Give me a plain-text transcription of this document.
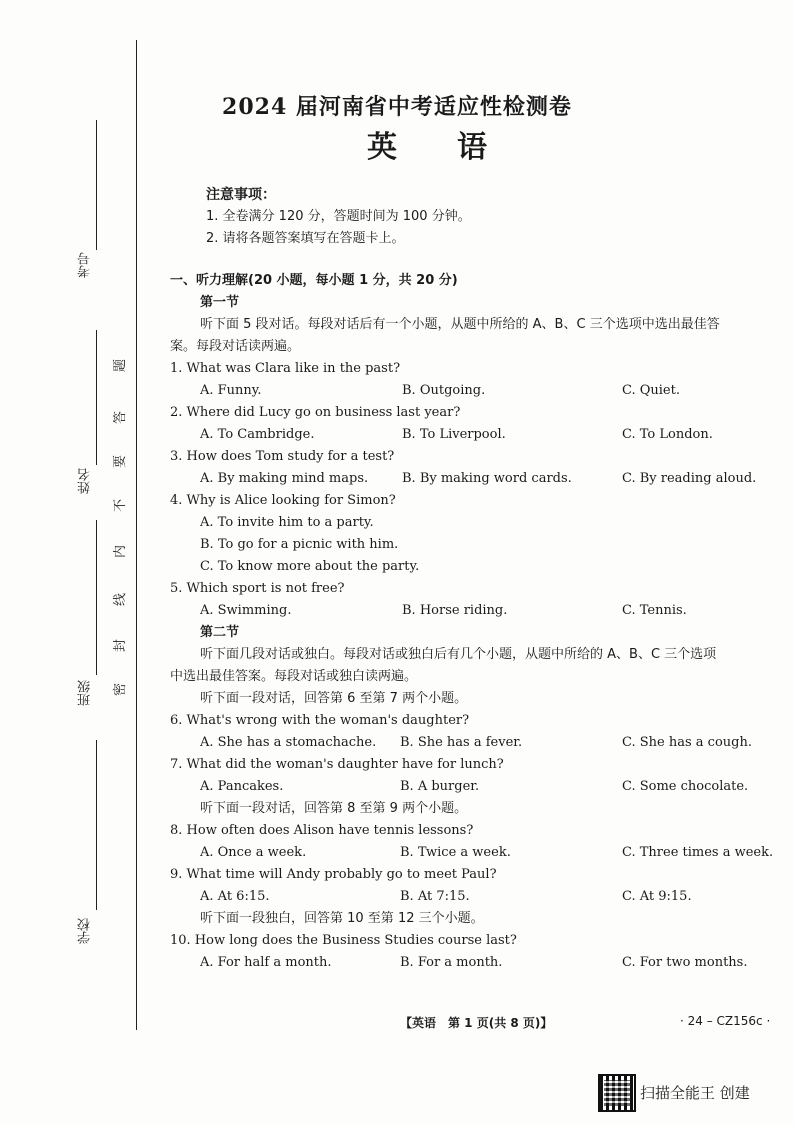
考号
姓名
班级
学校
题
答
要
不
内
线
封
密
2024 届河南省中考适应性检测卷
英语
注意事项：
1. 全卷满分 120 分，答题时间为 100 分钟。
2. 请将各题答案填写在答题卡上。
一、听力理解(20 小题，每小题 1 分，共 20 分)
第一节
听下面 5 段对话。每段对话后有一个小题，从题中所给的 A、B、C 三个选项中选出最佳答
案。每段对话读两遍。
1. What was Clara like in the past?
A. Funny.	B. Outgoing.	C. Quiet.
2. Where did Lucy go on business last year?
A. To Cambridge.	B. To Liverpool.	C. To London.
3. How does Tom study for a test?
A. By making mind maps.	B. By making word cards.	C. By reading aloud.
4. Why is Alice looking for Simon?
A. To invite him to a party.
B. To go for a picnic with him.
C. To know more about the party.
5. Which sport is not free?
A. Swimming.	B. Horse riding.	C. Tennis.
第二节
听下面几段对话或独白。每段对话或独白后有几个小题，从题中所给的 A、B、C 三个选项
中选出最佳答案。每段对话或独白读两遍。
听下面一段对话，回答第 6 至第 7 两个小题。
6. What's wrong with the woman's daughter?
A. She has a stomachache. B. She has a fever.	C. She has a cough.
7. What did the woman's daughter have for lunch?
A. Pancakes.	B. A burger.	C. Some chocolate.
听下面一段对话，回答第 8 至第 9 两个小题。
8. How often does Alison have tennis lessons?
A. Once a week.	B. Twice a week.	C. Three times a week.
9. What time will Andy probably go to meet Paul?
A. At 6:15.	B. At 7:15.	C. At 9:15.
听下面一段独白，回答第 10 至第 12 三个小题。
10. How long does the Business Studies course last?
A. For half a month.	B. For a month.	C. For two months.
【英语　第 1 页(共 8 页)】	· 24 – CZ156c ·
扫描全能王 创建
